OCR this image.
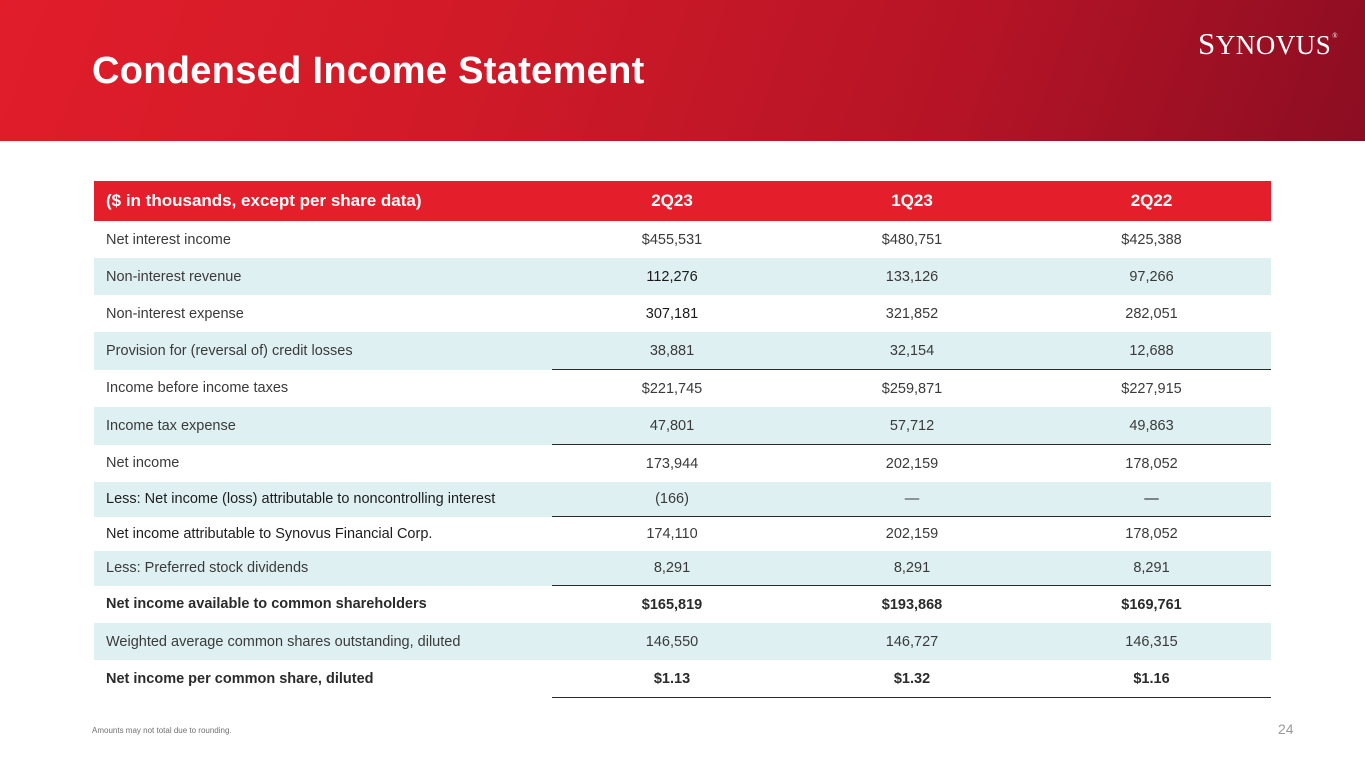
Condensed Income Statement
SYNOVUS®
($ in thousands, except per share data)	2Q23	1Q23	2Q22
Net interest income	$455,531	$480,751	$425,388
Non-interest revenue	112,276	133,126	97,266
Non-interest expense	307,181	321,852	282,051
Provision for (reversal of) credit losses	38,881	32,154	12,688
Income before income taxes	$221,745	$259,871	$227,915
Income tax expense	47,801	57,712	49,863
Net income	173,944	202,159	178,052
Less: Net income (loss) attributable to noncontrolling interest	(166)	—	—
Net income attributable to Synovus Financial Corp.	174,110	202,159	178,052
Less: Preferred stock dividends	8,291	8,291	8,291
Net income available to common shareholders	$165,819	$193,868	$169,761
Weighted average common shares outstanding, diluted	146,550	146,727	146,315
Net income per common share, diluted	$1.13	$1.32	$1.16
Amounts may not total due to rounding.	24
